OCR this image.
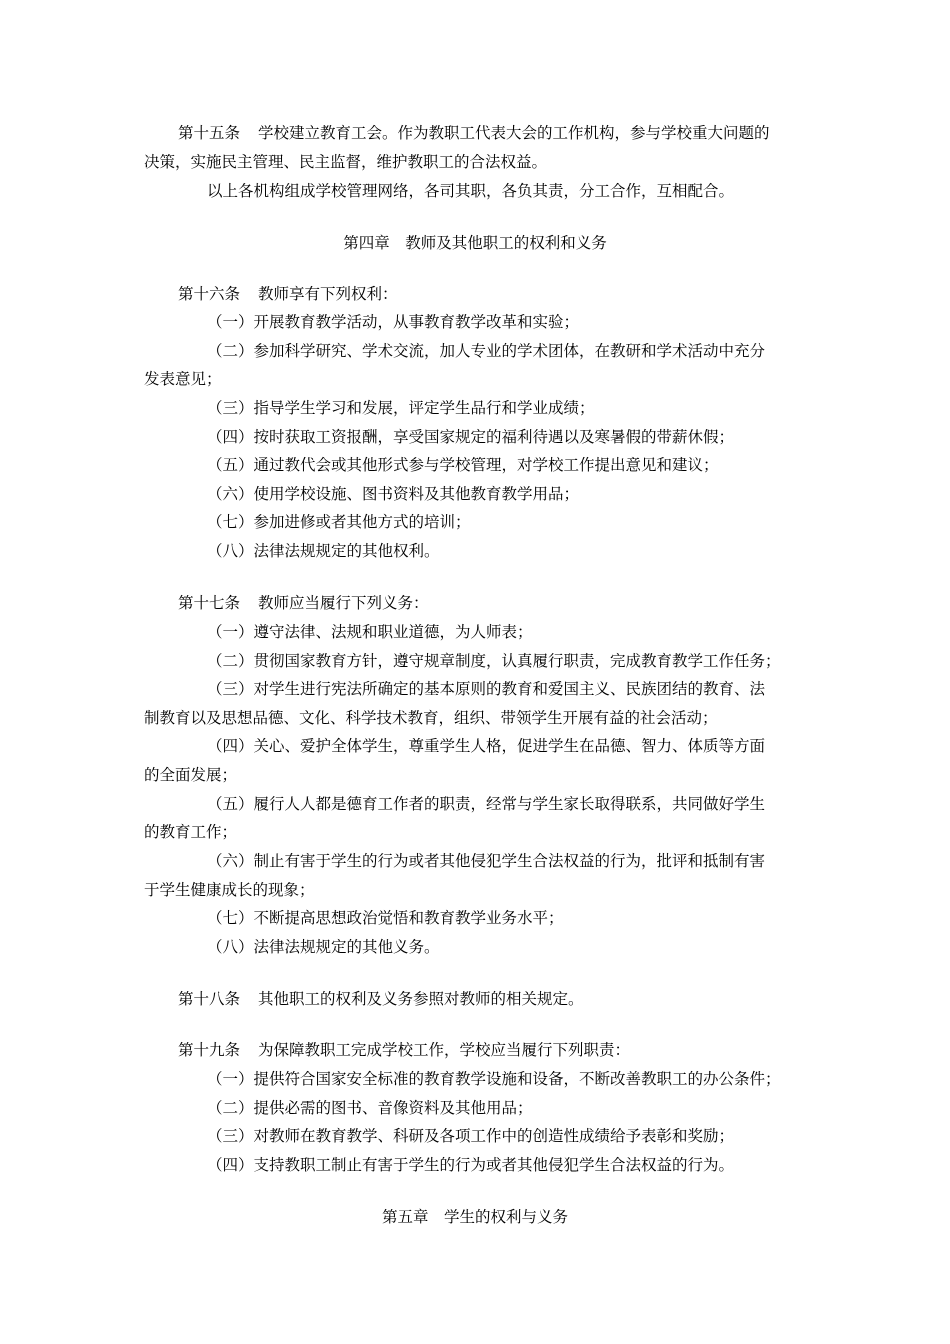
第十五条 学校建立教育工会。作为教职工代表大会的工作机构，参与学校重大问题的

决策，实施民主管理、民主监督，维护教职工的合法权益。

以上各机构组成学校管理网络，各司其职，各负其责，分工合作，互相配合。

第四章　教师及其他职工的权利和义务

第十六条 教师享有下列权利：

（一）开展教育教学活动，从事教育教学改革和实验；

（二）参加科学研究、学术交流，加人专业的学术团体，在教研和学术活动中充分

发表意见；

（三）指导学生学习和发展，评定学生品行和学业成绩；

（四）按时获取工资报酬，享受国家规定的福利待遇以及寒暑假的带薪休假；

（五）通过教代会或其他形式参与学校管理，对学校工作提出意见和建议；

（六）使用学校设施、图书资料及其他教育教学用品；

（七）参加进修或者其他方式的培训；

（八）法律法规规定的其他权利。

第十七条 教师应当履行下列义务：

（一）遵守法律、法规和职业道德，为人师表；

（二）贯彻国家教育方针，遵守规章制度，认真履行职责，完成教育教学工作任务；

（三）对学生进行宪法所确定的基本原则的教育和爱国主义、民族团结的教育、法

制教育以及思想品德、文化、科学技术教育，组织、带领学生开展有益的社会活动；

（四）关心、爱护全体学生，尊重学生人格，促进学生在品德、智力、体质等方面

的全面发展；

（五）履行人人都是德育工作者的职责，经常与学生家长取得联系，共同做好学生

的教育工作；

（六）制止有害于学生的行为或者其他侵犯学生合法权益的行为，批评和抵制有害

于学生健康成长的现象；

（七）不断提高思想政治觉悟和教育教学业务水平；

（八）法律法规规定的其他义务。

第十八条 其他职工的权利及义务参照对教师的相关规定。

第十九条 为保障教职工完成学校工作，学校应当履行下列职责：

（一）提供符合国家安全标准的教育教学设施和设备，不断改善教职工的办公条件；

（二）提供必需的图书、音像资料及其他用品；

（三）对教师在教育教学、科研及各项工作中的创造性成绩给予表彰和奖励；

（四）支持教职工制止有害于学生的行为或者其他侵犯学生合法权益的行为。

第五章　学生的权利与义务
